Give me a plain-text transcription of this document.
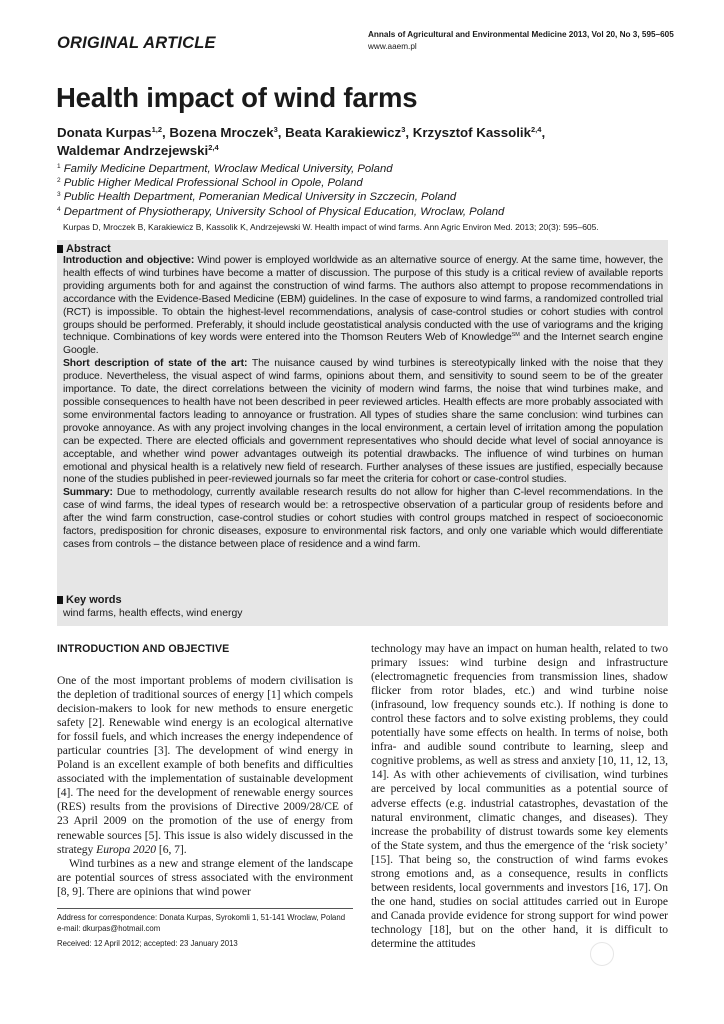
ORIGINAL ARTICLE	Annals of Agricultural and Environmental Medicine 2013, Vol 20, No 3, 595–605
www.aaem.pl
Health impact of wind farms
Donata Kurpas$^{1,2}$, Bozena Mroczek$^3$, Beata Karakiewicz$^3$, Krzysztof Kassolik$^{2,4}$,
Waldemar Andrzejewski$^{2,4}$
$^1$ Family Medicine Department, Wroclaw Medical University, Poland
$^2$ Public Higher Medical Professional School in Opole, Poland
$^3$ Public Health Department, Pomeranian Medical University in Szczecin, Poland
$^4$ Department of Physiotherapy, University School of Physical Education, Wroclaw, Poland
Kurpas D, Mroczek B, Karakiewicz B, Kassolik K, Andrzejewski W. Health impact of wind farms. Ann Agric Environ Med. 2013; 20(3): 595–605.
Abstract

Introduction and objective: Wind power is employed worldwide as an alternative source of energy. At the same time, however, the health effects of wind turbines have become a matter of discussion. The purpose of this study is a critical review of available reports providing arguments both for and against the construction of wind farms. The authors also attempt to propose recommendations in accordance with the Evidence-Based Medicine (EBM) guidelines. In the case of exposure to wind farms, a randomized controlled trial (RCT) is impossible. To obtain the highest-level recommendations, analysis of case-control studies or cohort studies with control groups should be performed. Preferably, it should include geostatistical analysis conducted with the use of variograms and the kriging technique. Combinations of key words were entered into the Thomson Reuters Web of Knowledge℠ and the Internet search engine Google.

Short description of state of the art: The nuisance caused by wind turbines is stereotypically linked with the noise that they produce. Nevertheless, the visual aspect of wind farms, opinions about them, and sensitivity to sound seem to be of the greater importance. To date, the direct correlations between the vicinity of modern wind farms, the noise that wind turbines make, and possible consequences to health have not been described in peer reviewed articles. Health effects are more probably associated with some environmental factors leading to annoyance or frustration. All types of studies share the same conclusion: wind turbines can provoke annoyance. As with any project involving changes in the local environment, a certain level of irritation among the population can be expected. There are elected officials and government representatives who should decide what level of social annoyance is acceptable, and whether wind power advantages outweigh its potential drawbacks. The influence of wind turbines on human emotional and physical health is a relatively new field of research. Further analyses of these issues are justified, especially because none of the studies published in peer-reviewed journals so far meet the criteria for cohort or case-control studies.

Summary: Due to methodology, currently available research results do not allow for higher than C-level recommendations. In the case of wind farms, the ideal types of research would be: a retrospective observation of a particular group of residents before and after the wind farm construction, case-control studies or cohort studies with control groups matched in respect of socioeconomic factors, predisposition for chronic diseases, exposure to environmental risk factors, and only one variable which would differentiate cases from controls – the distance between place of residence and a wind farm.

Key words
wind farms, health effects, wind energy
INTRODUCTION AND OBJECTIVE

One of the most important problems of modern civilisation is the depletion of traditional sources of energy [1] which compels decision-makers to look for new methods to ensure energetic safety [2]. Renewable wind energy is an ecological alternative for fossil fuels, and which increases the energy independence of particular countries [3]. The development of wind energy in Poland is an excellent example of both benefits and difficulties associated with the implementation of sustainable development [4]. The need for the development of renewable energy sources (RES) results from the provisions of Directive 2009/28/CE of 23 April 2009 on the promotion of the use of energy from renewable sources [5]. This issue is also widely discussed in the strategy Europa 2020 [6, 7].

Wind turbines as a new and strange element of the landscape are potential sources of stress associated with the environment [8, 9]. There are opinions that wind power

technology may have an impact on human health, related to two primary issues: wind turbine design and infrastructure (electromagnetic frequencies from transmission lines, shadow flicker from rotor blades, etc.) and wind turbine noise (infrasound, low frequency sounds etc.). If nothing is done to control these factors and to solve existing problems, they could potentially have some effects on health. In terms of noise, both infra- and audible sound contribute to learning, sleep and cognitive problems, as well as stress and anxiety [10, 11, 12, 13, 14]. As with other achievements of civilisation, wind turbines are perceived by local communities as a potential source of adverse effects (e.g. industrial catastrophes, devastation of the natural environment, climatic changes, and diseases). They increase the probability of distrust towards some key elements of the State system, and thus the emergence of the ‘risk society’ [15]. That being so, the construction of wind farms evokes strong emotions and, as a consequence, results in conflicts between residents, local governments and investors [16, 17]. On the one hand, studies on social attitudes carried out in Europe and Canada provide evidence for strong support for wind power technology [18], but on the other hand, it is difficult to determine the attitudes

Address for correspondence: Donata Kurpas, Syrokomli 1, 51-141 Wroclaw, Poland
e-mail: dkurpas@hotmail.com
Received: 12 April 2012; accepted: 23 January 2013
